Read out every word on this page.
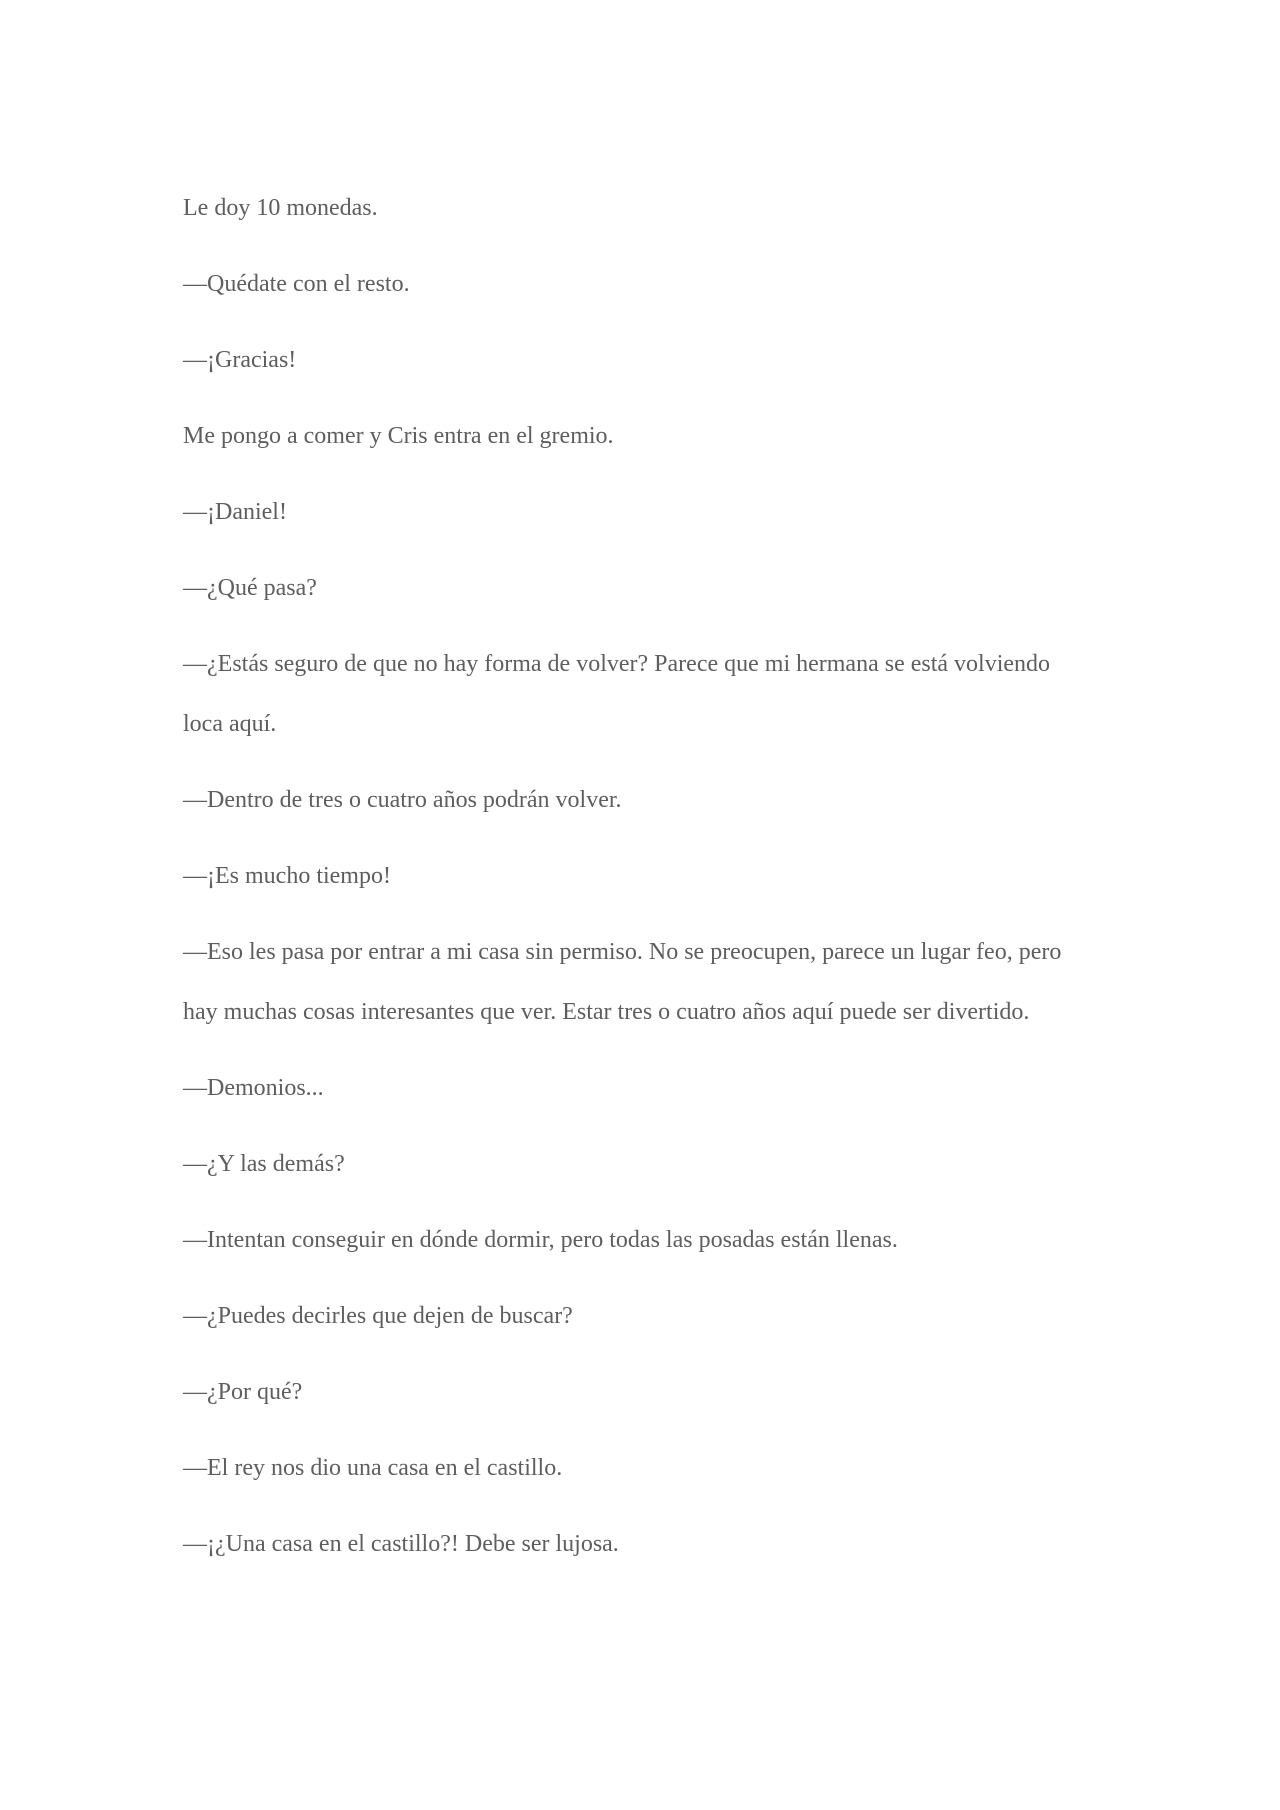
Le doy 10 monedas.

—Quédate con el resto.

—¡Gracias!

Me pongo a comer y Cris entra en el gremio.

—¡Daniel!

—¿Qué pasa?

—¿Estás seguro de que no hay forma de volver? Parece que mi hermana se está volviendo loca aquí.

—Dentro de tres o cuatro años podrán volver.

—¡Es mucho tiempo!

—Eso les pasa por entrar a mi casa sin permiso. No se preocupen, parece un lugar feo, pero hay muchas cosas interesantes que ver. Estar tres o cuatro años aquí puede ser divertido.

—Demonios...

—¿Y las demás?

—Intentan conseguir en dónde dormir, pero todas las posadas están llenas.

—¿Puedes decirles que dejen de buscar?

—¿Por qué?

—El rey nos dio una casa en el castillo.

—¡¿Una casa en el castillo?! Debe ser lujosa.
